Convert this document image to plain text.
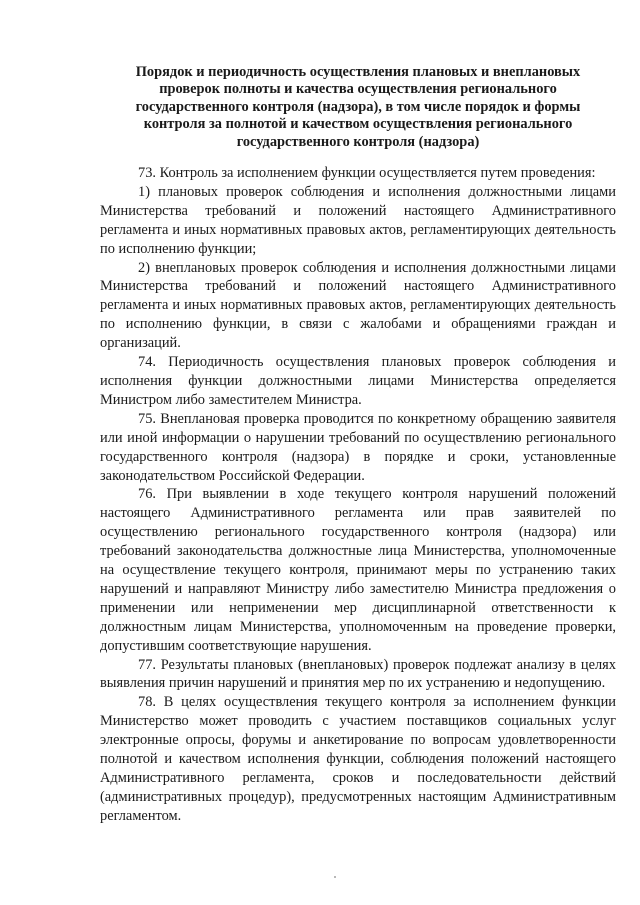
Порядок и периодичность осуществления плановых и внеплановых
проверок полноты и качества осуществления регионального
государственного контроля (надзора), в том числе порядок и формы
контроля за полнотой и качеством осуществления регионального
государственного контроля (надзора)

73. Контроль за исполнением функции осуществляется путем проведения:

1) плановых проверок соблюдения и исполнения должностными лицами Министерства требований и положений настоящего Административного регламента и иных нормативных правовых актов, регламентирующих деятельность по исполнению функции;

2) внеплановых проверок соблюдения и исполнения должностными лицами Министерства требований и положений настоящего Административного регламента и иных нормативных правовых актов, регламентирующих деятельность по исполнению функции, в связи с жалобами и обращениями граждан и организаций.

74. Периодичность осуществления плановых проверок соблюдения и исполнения функции должностными лицами Министерства определяется Министром либо заместителем Министра.

75. Внеплановая проверка проводится по конкретному обращению заявителя или иной информации о нарушении требований по осуществлению регионального государственного контроля (надзора) в порядке и сроки, установленные законодательством Российской Федерации.

76. При выявлении в ходе текущего контроля нарушений положений настоящего Административного регламента или прав заявителей по осуществлению регионального государственного контроля (надзора) или требований законодательства должностные лица Министерства, уполномоченные на осуществление текущего контроля, принимают меры по устранению таких нарушений и направляют Министру либо заместителю Министра предложения о применении или неприменении мер дисциплинарной ответственности к должностным лицам Министерства, уполномоченным на проведение проверки, допустившим соответствующие нарушения.

77. Результаты плановых (внеплановых) проверок подлежат анализу в целях выявления причин нарушений и принятия мер по их устранению и недопущению.

78. В целях осуществления текущего контроля за исполнением функции Министерство может проводить с участием поставщиков социальных услуг электронные опросы, форумы и анкетирование по вопросам удовлетворенности полнотой и качеством исполнения функции, соблюдения положений настоящего Административного регламента, сроков и последовательности действий (административных процедур), предусмотренных настоящим Административным регламентом.
